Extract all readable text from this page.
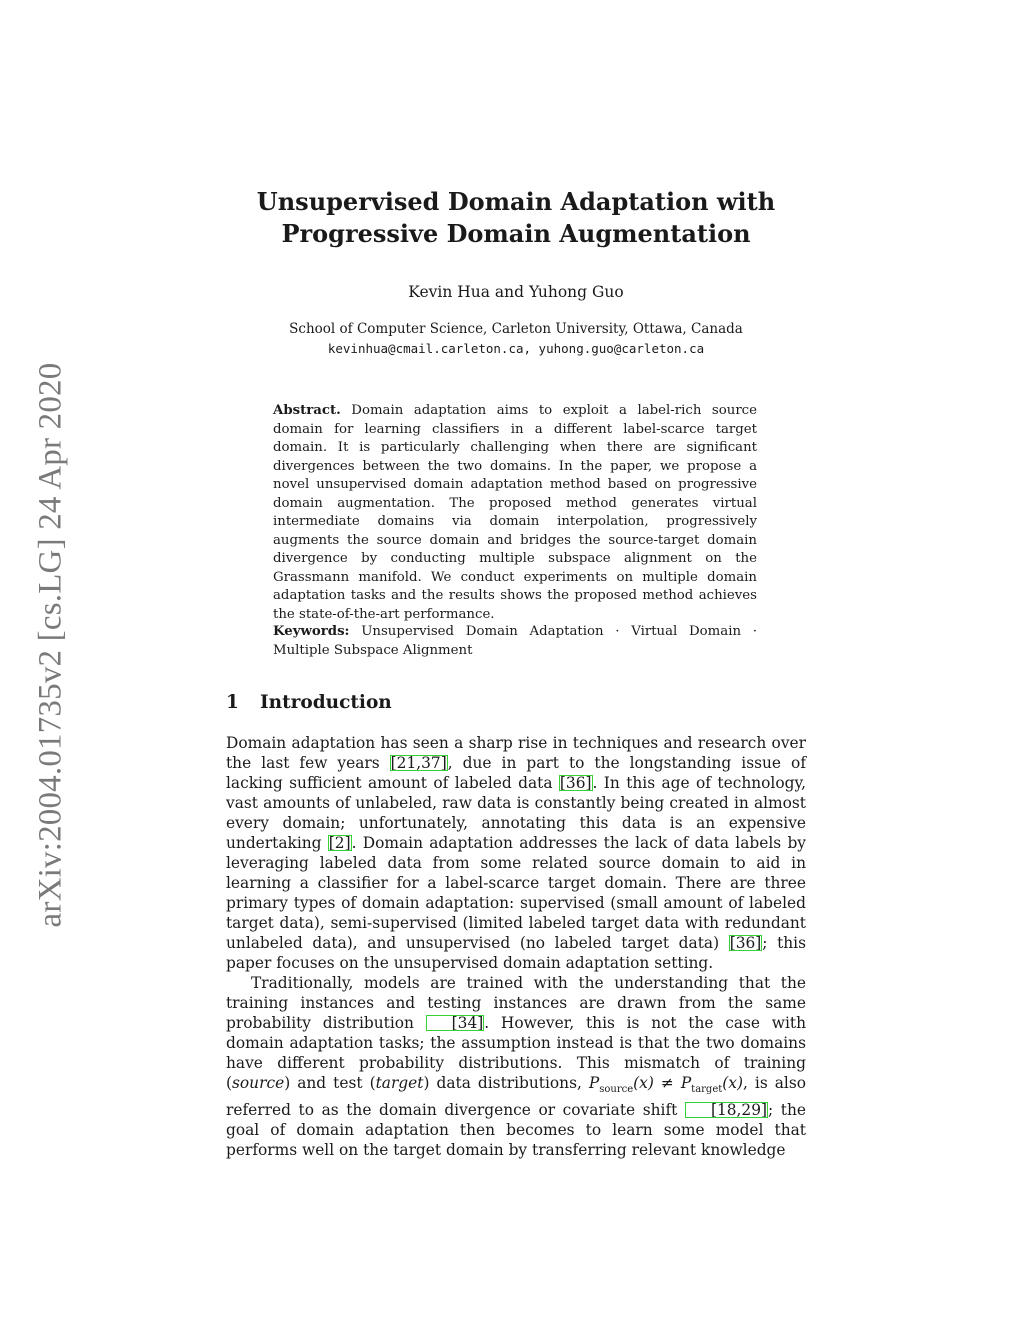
arXiv:2004.01735v2 [cs.LG] 24 Apr 2020
Unsupervised Domain Adaptation with
Progressive Domain Augmentation
Kevin Hua and Yuhong Guo
School of Computer Science, Carleton University, Ottawa, Canada
kevinhua@cmail.carleton.ca, yuhong.guo@carleton.ca
Abstract. Domain adaptation aims to exploit a label-rich source domain for learning classifiers in a different label-scarce target domain. It is particularly challenging when there are significant divergences between the two domains. In the paper, we propose a novel unsupervised domain adaptation method based on progressive domain augmentation. The proposed method generates virtual intermediate domains via domain interpolation, progressively augments the source domain and bridges the source-target domain divergence by conducting multiple subspace alignment on the Grassmann manifold. We conduct experiments on multiple domain adaptation tasks and the results shows the proposed method achieves the state-of-the-art performance.
Keywords: Unsupervised Domain Adaptation · Virtual Domain · Multiple Subspace Alignment
1 Introduction

Domain adaptation has seen a sharp rise in techniques and research over the last few years [21,37], due in part to the longstanding issue of lacking sufficient amount of labeled data [36]. In this age of technology, vast amounts of unlabeled, raw data is constantly being created in almost every domain; unfortunately, annotating this data is an expensive undertaking [2]. Domain adaptation addresses the lack of data labels by leveraging labeled data from some related source domain to aid in learning a classifier for a label-scarce target domain. There are three primary types of domain adaptation: supervised (small amount of labeled target data), semi-supervised (limited labeled target data with redundant unlabeled data), and unsupervised (no labeled target data) [36]; this paper focuses on the unsupervised domain adaptation setting.

Traditionally, models are trained with the understanding that the training instances and testing instances are drawn from the same probability distribution [34]. However, this is not the case with domain adaptation tasks; the assumption instead is that the two domains have different probability distributions. This mismatch of training (source) and test (target) data distributions, $P_{source}(x) \ne P_{target}(x)$, is also referred to as the domain divergence or covariate shift [18,29]; the goal of domain adaptation then becomes to learn some model that performs well on the target domain by transferring relevant knowledge
